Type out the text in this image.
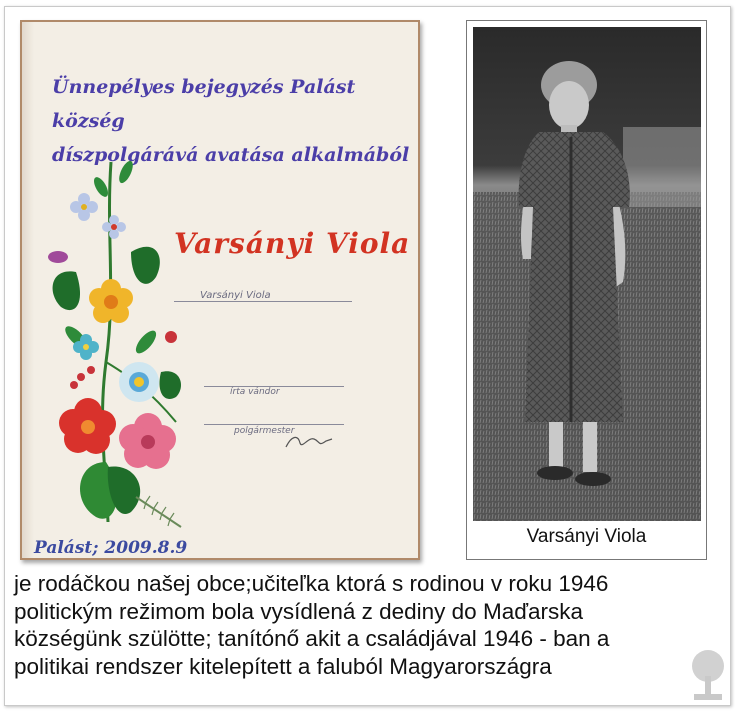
Ünnepélyes bejegyzés Palást község
díszpolgárává avatása alkalmából
Varsányi Viola
Varsányi Viola
írta vándor
polgármester
Palást; 2009.8.9
Varsányi Viola
je rodáčkou našej obce;učiteľka ktorá s rodinou v roku 1946
politickým režimom bola vysídlená z dediny do Maďarska
községünk szülötte; tanítónő akit a családjával 1946 - ban a
politikai rendszer kitelepített a faluból Magyarországra
